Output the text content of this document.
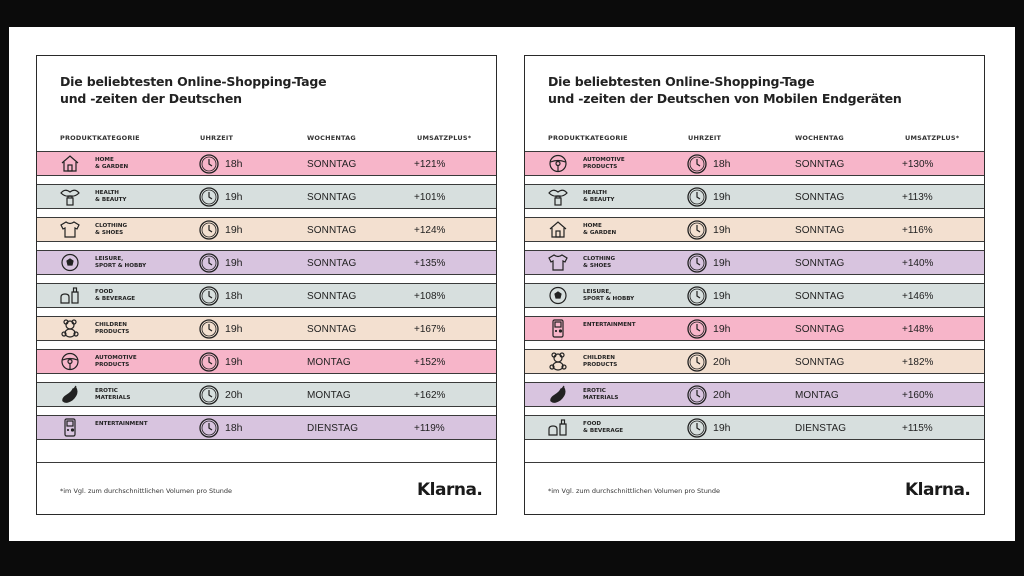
Die beliebtesten Online-Shopping-Tage
und -zeiten der Deutschen
PRODUKTKATEGORIE	UHRZEIT	WOCHENTAG	UMSATZPLUS*
HOME
& GARDEN	18h	SONNTAG	+121%
HEALTH
& BEAUTY	19h	SONNTAG	+101%
CLOTHING
& SHOES	19h	SONNTAG	+124%
LEISURE,
SPORT & HOBBY	19h	SONNTAG	+135%
FOOD
& BEVERAGE	18h	SONNTAG	+108%
CHILDREN
PRODUCTS	19h	SONNTAG	+167%
AUTOMOTIVE
PRODUCTS	19h	MONTAG	+152%
EROTIC
MATERIALS	20h	MONTAG	+162%
ENTERTAINMENT	18h	DIENSTAG	+119%
*im Vgl. zum durchschnittlichen Volumen pro Stunde	Klarna.
Die beliebtesten Online-Shopping-Tage
und -zeiten der Deutschen von Mobilen Endgeräten
PRODUKTKATEGORIE	UHRZEIT	WOCHENTAG	UMSATZPLUS*
AUTOMOTIVE
PRODUCTS	18h	SONNTAG	+130%
HEALTH
& BEAUTY	19h	SONNTAG	+113%
HOME
& GARDEN	19h	SONNTAG	+116%
CLOTHING
& SHOES	19h	SONNTAG	+140%
LEISURE,
SPORT & HOBBY	19h	SONNTAG	+146%
ENTERTAINMENT	19h	SONNTAG	+148%
CHILDREN
PRODUCTS	20h	SONNTAG	+182%
EROTIC
MATERIALS	20h	MONTAG	+160%
FOOD
& BEVERAGE	19h	DIENSTAG	+115%
*im Vgl. zum durchschnittlichen Volumen pro Stunde	Klarna.
